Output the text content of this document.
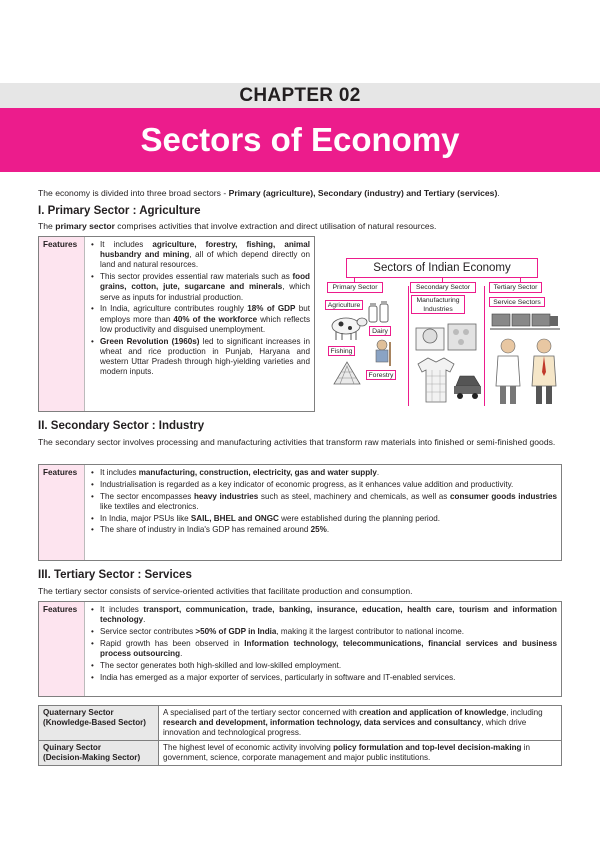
CHAPTER 02
Sectors of Economy

The economy is divided into three broad sectors - Primary (agriculture), Secondary (industry) and Tertiary (services).

I. Primary Sector : Agriculture

The primary sector comprises activities that involve extraction and direct utilisation of natural resources.

Features	• It includes agriculture, forestry, fishing, animal husbandry and mining, all of which depend directly on land and natural resources.
• This sector provides essential raw materials such as food grains, cotton, jute, sugarcane and minerals, which serve as inputs for industrial production.
• In India, agriculture contributes roughly 18% of GDP but employs more than 40% of the workforce which reflects low productivity and disguised unemployment.
• Green Revolution (1960s) led to significant increases in wheat and rice production in Punjab, Haryana and western Uttar Pradesh through high-yielding varieties and modern inputs.
Sectors of Indian Economy
Primary Sector	Secondary Sector	Tertiary Sector
Agriculture
Dairy
Fishing
Forestry
Manufacturing Industries
Service Sectors
II. Secondary Sector : Industry

The secondary sector involves processing and manufacturing activities that transform raw materials into finished or semi-finished goods.

Features	• It includes manufacturing, construction, electricity, gas and water supply.
• Industrialisation is regarded as a key indicator of economic progress, as it enhances value addition and productivity.
• The sector encompasses heavy industries such as steel, machinery and chemicals, as well as consumer goods industries like textiles and electronics.
• In India, major PSUs like SAIL, BHEL and ONGC were established during the planning period.
• The share of industry in India's GDP has remained around 25%.
III. Tertiary Sector : Services

The tertiary sector consists of service-oriented activities that facilitate production and consumption.

Features	• It includes transport, communication, trade, banking, insurance, education, health care, tourism and information technology.
• Service sector contributes >50% of GDP in India, making it the largest contributor to national income.
• Rapid growth has been observed in Information technology, telecommunications, financial services and business process outsourcing.
• The sector generates both high-skilled and low-skilled employment.
• India has emerged as a major exporter of services, particularly in software and IT-enabled services.
Quaternary Sector
(Knowledge-Based Sector)	A specialised part of the tertiary sector concerned with creation and application of knowledge, including research and development, information technology, data services and consultancy, which drive innovation and technological progress.
Quinary Sector
(Decision-Making Sector)	The highest level of economic activity involving policy formulation and top-level decision-making in government, science, corporate management and major public institutions.
